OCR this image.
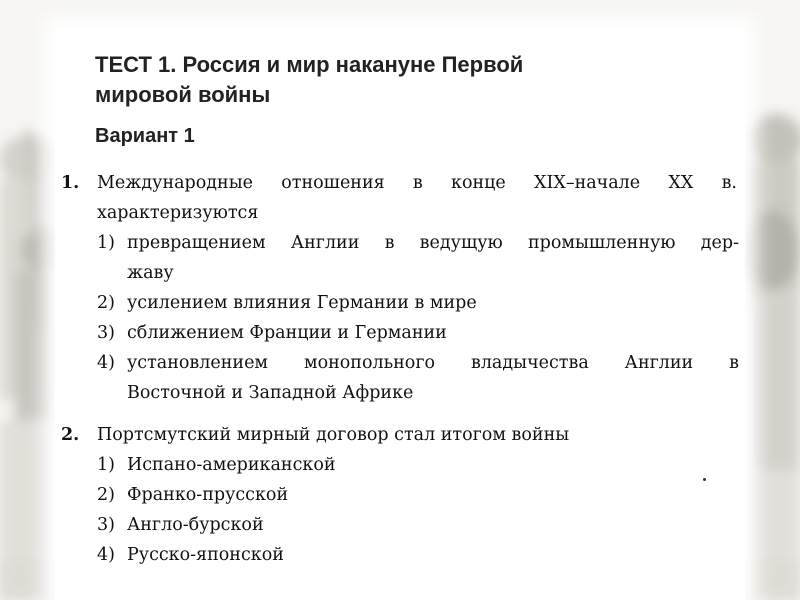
ТЕСТ 1. Россия и мир накануне Первой
мировой войны
Вариант 1
1. Международные отношения в конце XIX–начале XX в.
характеризуются
1) превращением Англии в ведущую промышленную дер-
жаву
2) усилением влияния Германии в мире
3) сближением Франции и Германии
4) установлением монопольного владычества Англии в
Восточной и Западной Африке
2. Портсмутский мирный договор стал итогом войны
1) Испано-американской
2) Франко-прусской
3) Англо-бурской
4) Русско-японской
